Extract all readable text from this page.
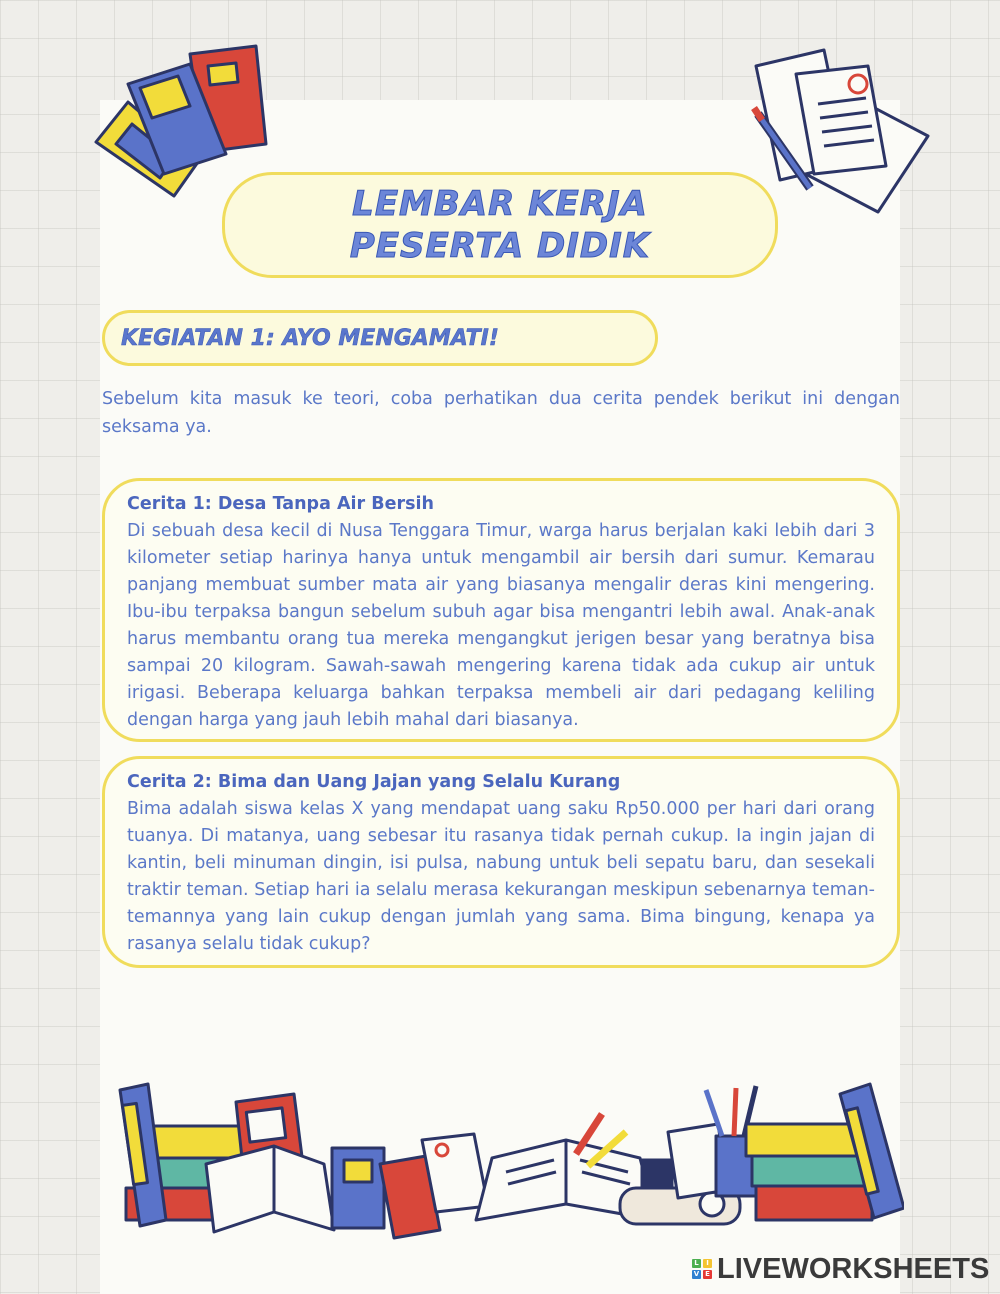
LEMBAR KERJA PESERTA DIDIK
KEGIATAN 1: AYO MENGAMATI!

Sebelum kita masuk ke teori, coba perhatikan dua cerita pendek berikut ini dengan seksama ya.

Cerita 1: Desa Tanpa Air Bersih

Di sebuah desa kecil di Nusa Tenggara Timur, warga harus berjalan kaki lebih dari 3 kilometer setiap harinya hanya untuk mengambil air bersih dari sumur. Kemarau panjang membuat sumber mata air yang biasanya mengalir deras kini mengering. Ibu-ibu terpaksa bangun sebelum subuh agar bisa mengantri lebih awal. Anak-anak harus membantu orang tua mereka mengangkut jerigen besar yang beratnya bisa sampai 20 kilogram. Sawah-sawah mengering karena tidak ada cukup air untuk irigasi. Beberapa keluarga bahkan terpaksa membeli air dari pedagang keliling dengan harga yang jauh lebih mahal dari biasanya.

Cerita 2: Bima dan Uang Jajan yang Selalu Kurang

Bima adalah siswa kelas X yang mendapat uang saku Rp50.000 per hari dari orang tuanya. Di matanya, uang sebesar itu rasanya tidak pernah cukup. Ia ingin jajan di kantin, beli minuman dingin, isi pulsa, nabung untuk beli sepatu baru, dan sesekali traktir teman. Setiap hari ia selalu merasa kekurangan meskipun sebenarnya teman-temannya yang lain cukup dengan jumlah yang sama. Bima bingung, kenapa ya rasanya selalu tidak cukup?

L	I
V E LIVEWORKSHEETS
